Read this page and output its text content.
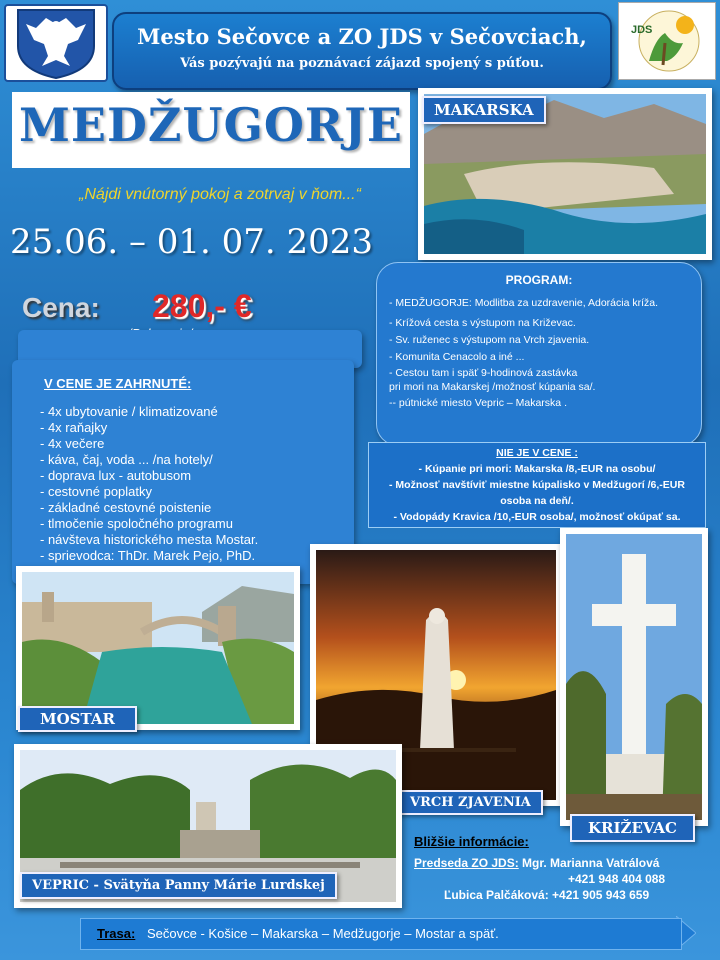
Mesto Sečovce a ZO JDS v Sečovciach,
Vás pozývajú na poznávací zájazd spojený s púťou.
JDS
MEDŽUGORJE
„Nájdi vnútorný pokoj a zotrvaj v ňom...“
25.06. – 01. 07. 2023
Cena: 280,- €
MAKARSKA
PROGRAM:
- MEDŽUGORJE: Modlitba za uzdravenie, Adorácia kríža.
- Krížová cesta s výstupom na Križevac.
- Sv. ruženec s výstupom na Vrch zjavenia.
- Komunita Cenacolo a iné ...
- Cestou tam i späť 9-hodinová zastávka
pri mori na Makarskej /možnosť kúpania sa/.
-- pútnické miesto Vepric – Makarska .
V CENE JE ZAHRNUTÉ:
- 4x ubytovanie / klimatizované
- 4x raňajky
- 4x večere
- káva, čaj, voda ... /na hotely/
- doprava lux - autobusom
- cestovné poplatky
- základné cestovné poistenie
- tlmočenie spoločného programu
- návšteva historického mesta Mostar.
- sprievodca: ThDr. Marek Pejo, PhD.
NIE JE V CENE :
- Kúpanie pri mori: Makarska /8,-EUR na osobu/
- Možnosť navštíviť miestne kúpalisko v Medžugorí /6,-EUR
osoba na deň/.
- Vodopády Kravica /10,-EUR osoba/, možnosť okúpať sa.
MOSTAR
VRCH ZJAVENIA
KRIŽEVAC
VEPRIC - Svätyňa Panny Márie Lurdskej
Bližšie informácie:
Predseda ZO JDS: Mgr. Marianna Vatrálová
+421 948 404 088
Ľubica Palčáková: +421 905 943 659
Trasa: Sečovce - Košice – Makarska – Medžugorje – Mostar a späť.
